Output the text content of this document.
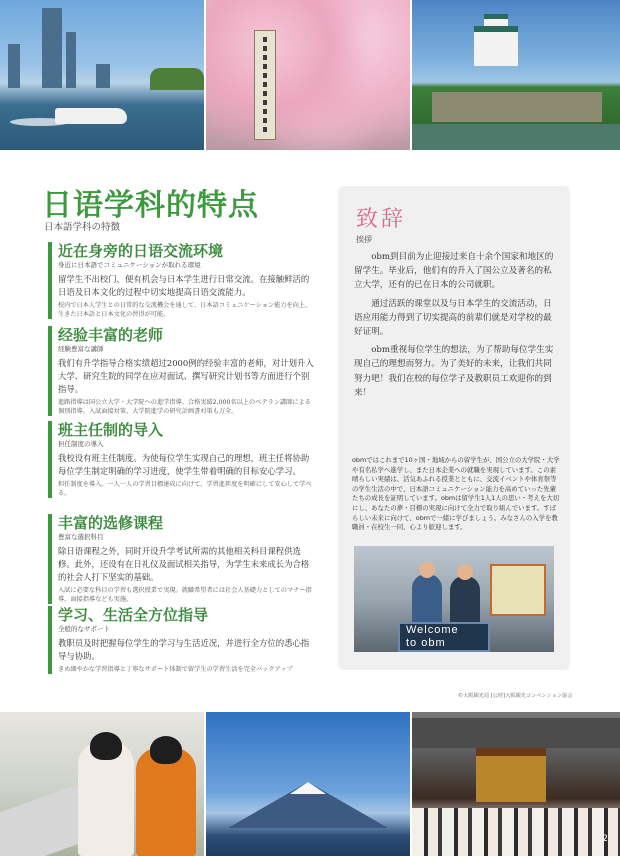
日语学科的特点
日本語学科の特徴
近在身旁的日语交流环境
身近に日本語でコミュニケーションが取れる環境
留学生不出校门，便有机会与日本学生进行日常交流。在接触鲜活的日语及日本文化的过程中切实地提高日语交流能力。
校内で日本人学生との日常的な交流機会を通して、日本語コミュニケーション能力を向上、生きた日本語と日本文化の習得が可能。
经验丰富的老师
経験豊富な講師
我们有升学指导合格实绩超过2000例的经验丰富的老师，对计划升入大学、研究生院的同学在应对面试、撰写研究计划书等方面进行个别指导。
進路指導は国公立大学・大学院への進学指導、合格実績2,000名以上のベテラン講師による個別指導。入試面接対策、大学院進学の研究計画書対策も万全。
班主任制的导入
担任制度の導入
我校设有班主任制度。为使每位学生实现自己的理想，班主任将协助每位学生制定明确的学习进度，使学生带着明确的目标安心学习。
担任制度を導入。一人一人の学習目標達成に向けて、学習進捗度を明確にして安心して学べる。
丰富的选修课程
豊富な選択科目
除日语课程之外，同时开设升学考试所需的其他相关科目课程供选修。此外，还设有在日礼仪及面试相关指导，为学生未来成长为合格的社会人打下坚实的基础。
入試に必要な科目の学習も選択授業で実現。就職希望者には社会人基礎力としてのマナー指導、面接指導なども実施。
学习、生活全方位指导
全般的なサポート
教职员及时把握每位学生的学习与生活近况，并进行全方位的悉心指导与协助。
きめ細やかな学習指導と丁寧なサポート体制で留学生の学習生活を完全バックアップ
致辞
挨拶

obm到目前为止迎接过来自十余个国家和地区的留学生。毕业后，他们有的升入了国公立及著名的私立大学，还有的已在日本的公司就职。

通过活跃的课堂以及与日本学生的交流活动，日语应用能力得到了切实提高的前辈们就是对学校的最好证明。

obm重视每位学生的想法，为了帮助每位学生实现自己的理想而努力。为了美好的未来，让我们共同努力吧！我们在校的每位学子及教职员工欢迎你的到来！

obmではこれまで10ヶ国・地域からの留学生が、国公立の大学院・大学や有名私学へ進学し、また日本企業への就職を実現しています。この素晴らしい実績は、活気あふれる授業とともに、交流イベントや体育祭等の学生生活の中で、日本語コミュニケーション能力を高めていった先輩たちの成長を証明しています。obmは留学生1人1人の思い・考えを大切にし、あなたの夢・目標の実現に向けて全力で取り組んでいます。すばらしい未来に向けて、obmで一緒に学びましょう。みなさんの入学を教職員・在校生一同、心より歓迎します。
Welcome
to obm
©大阪観光局 [公財]大阪観光コンベンション協会
2
